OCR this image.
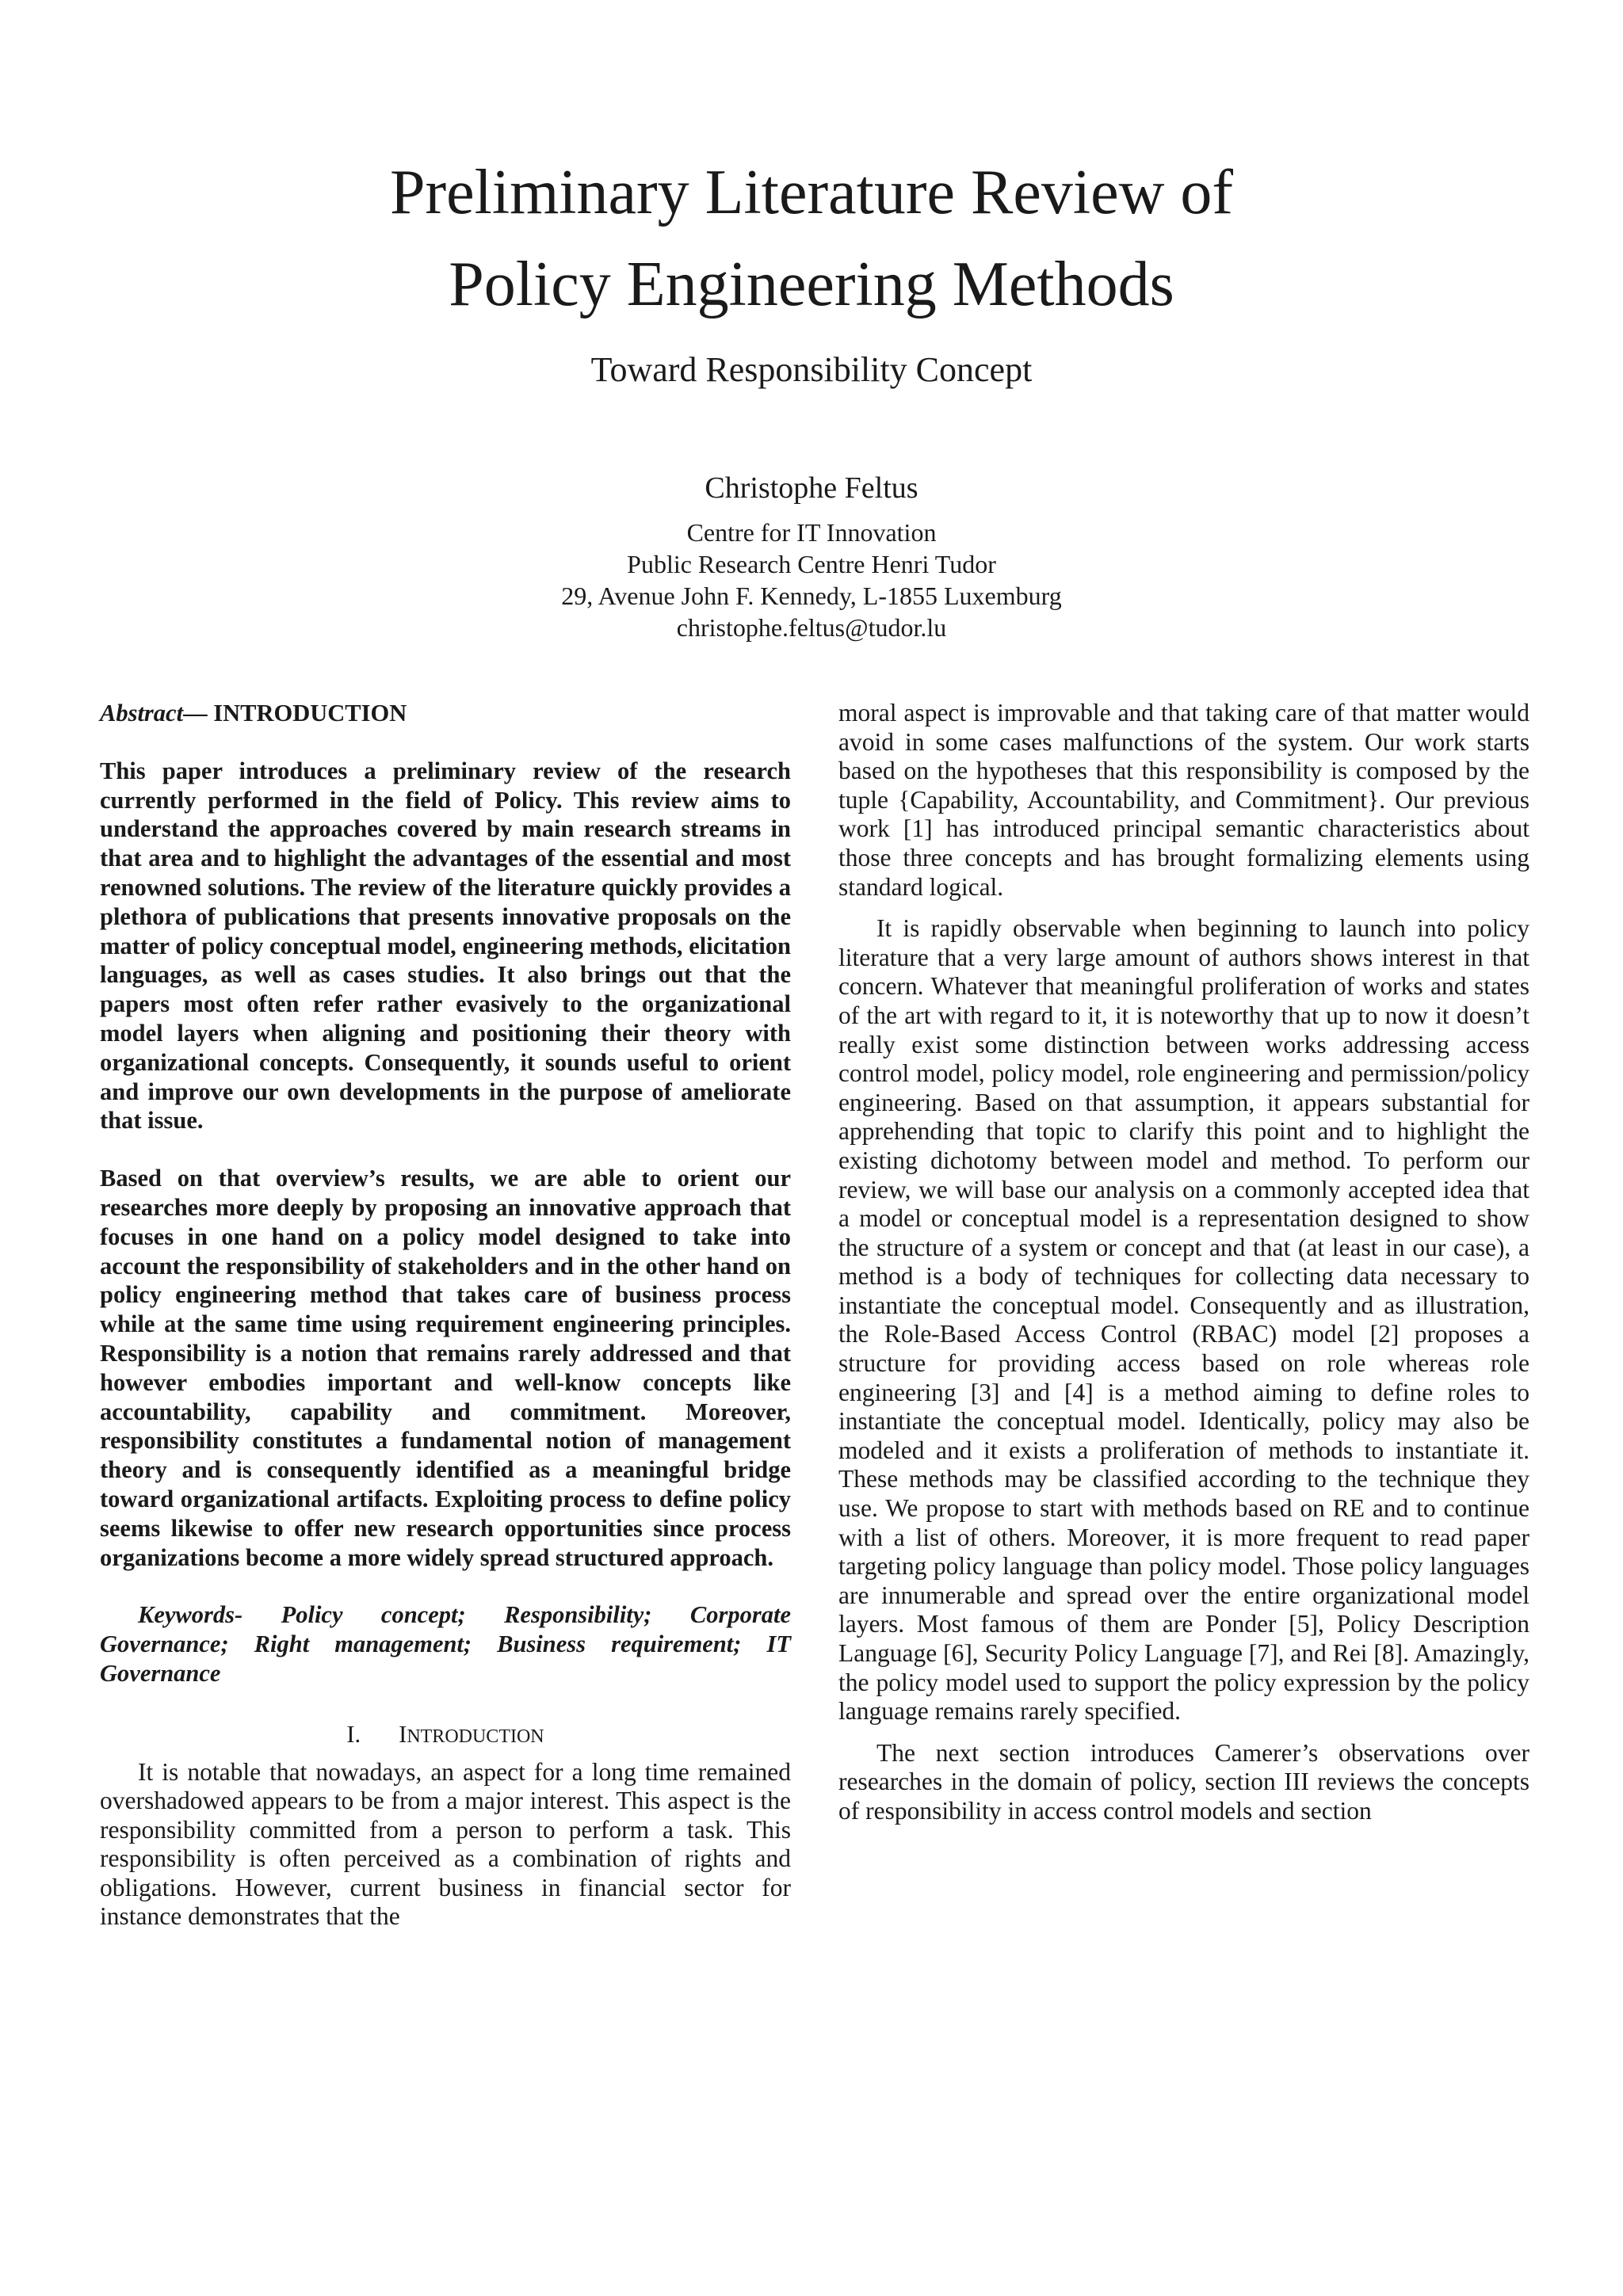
Preliminary Literature Review of
Policy Engineering Methods
Toward Responsibility Concept
Christophe Feltus
Centre for IT Innovation
Public Research Centre Henri Tudor
29, Avenue John F. Kennedy, L-1855 Luxemburg
christophe.feltus@tudor.lu

Abstract— INTRODUCTION

This paper introduces a preliminary review of the research currently performed in the field of Policy. This review aims to understand the approaches covered by main research streams in that area and to highlight the advantages of the essential and most renowned solutions. The review of the literature quickly provides a plethora of publications that presents innovative proposals on the matter of policy conceptual model, engineering methods, elicitation languages, as well as cases studies. It also brings out that the papers most often refer rather evasively to the organizational model layers when aligning and positioning their theory with organizational concepts. Consequently, it sounds useful to orient and improve our own developments in the purpose of ameliorate that issue.

Based on that overview’s results, we are able to orient our researches more deeply by proposing an innovative approach that focuses in one hand on a policy model designed to take into account the responsibility of stakeholders and in the other hand on policy engineering method that takes care of business process while at the same time using requirement engineering principles. Responsibility is a notion that remains rarely addressed and that however embodies important and well-know concepts like accountability, capability and commitment. Moreover, responsibility constitutes a fundamental notion of management theory and is consequently identified as a meaningful bridge toward organizational artifacts. Exploiting process to define policy seems likewise to offer new research opportunities since process organizations become a more widely spread structured approach.

Keywords- Policy concept; Responsibility; Corporate Governance; Right management; Business requirement; IT Governance

I. INTRODUCTION

It is notable that nowadays, an aspect for a long time remained overshadowed appears to be from a major interest. This aspect is the responsibility committed from a person to perform a task. This responsibility is often perceived as a combination of rights and obligations. However, current business in financial sector for instance demonstrates that the

moral aspect is improvable and that taking care of that matter would avoid in some cases malfunctions of the system. Our work starts based on the hypotheses that this responsibility is composed by the tuple {Capability, Accountability, and Commitment}. Our previous work [1] has introduced principal semantic characteristics about those three concepts and has brought formalizing elements using standard logical.

It is rapidly observable when beginning to launch into policy literature that a very large amount of authors shows interest in that concern. Whatever that meaningful proliferation of works and states of the art with regard to it, it is noteworthy that up to now it doesn’t really exist some distinction between works addressing access control model, policy model, role engineering and permission/policy engineering. Based on that assumption, it appears substantial for apprehending that topic to clarify this point and to highlight the existing dichotomy between model and method. To perform our review, we will base our analysis on a commonly accepted idea that a model or conceptual model is a representation designed to show the structure of a system or concept and that (at least in our case), a method is a body of techniques for collecting data necessary to instantiate the conceptual model. Consequently and as illustration, the Role-Based Access Control (RBAC) model [2] proposes a structure for providing access based on role whereas role engineering [3] and [4] is a method aiming to define roles to instantiate the conceptual model. Identically, policy may also be modeled and it exists a proliferation of methods to instantiate it. These methods may be classified according to the technique they use. We propose to start with methods based on RE and to continue with a list of others. Moreover, it is more frequent to read paper targeting policy language than policy model. Those policy languages are innumerable and spread over the entire organizational model layers. Most famous of them are Ponder [5], Policy Description Language [6], Security Policy Language [7], and Rei [8]. Amazingly, the policy model used to support the policy expression by the policy language remains rarely specified.

The next section introduces Camerer’s observations over researches in the domain of policy, section III reviews the concepts of responsibility in access control models and section
